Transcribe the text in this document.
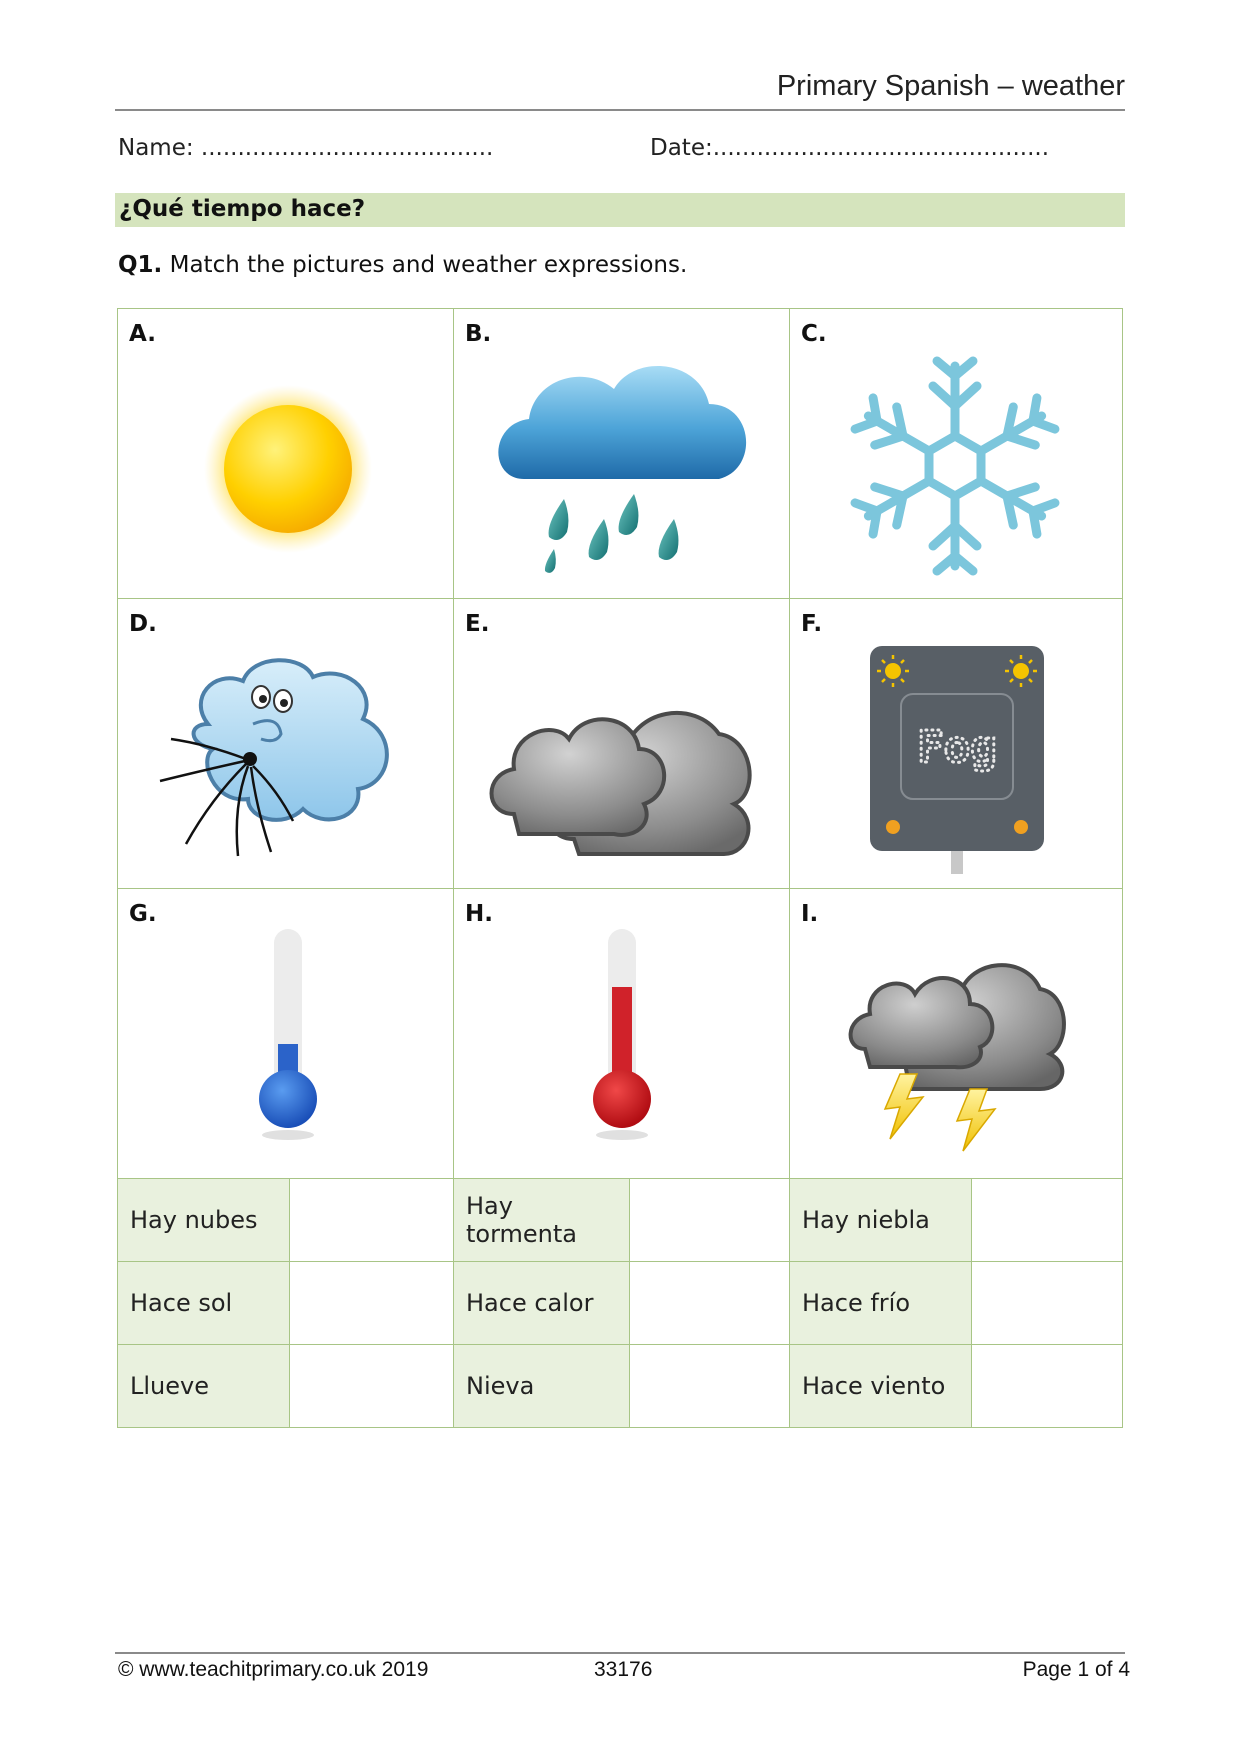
Primary Spanish – weather
Name: ........................................	Date:..............................................
¿Qué tiempo hace?
Q1. Match the pictures and weather expressions.
A.	B.	C.
D.	E.	F.
Fog
G.	H.	I.
Hay nubes	Hay tormenta	Hay niebla
Hace sol	Hace calor	Hace frío
Llueve	Nieva	Hace viento
© www.teachitprimary.co.uk 2019	33176	Page 1 of 4
